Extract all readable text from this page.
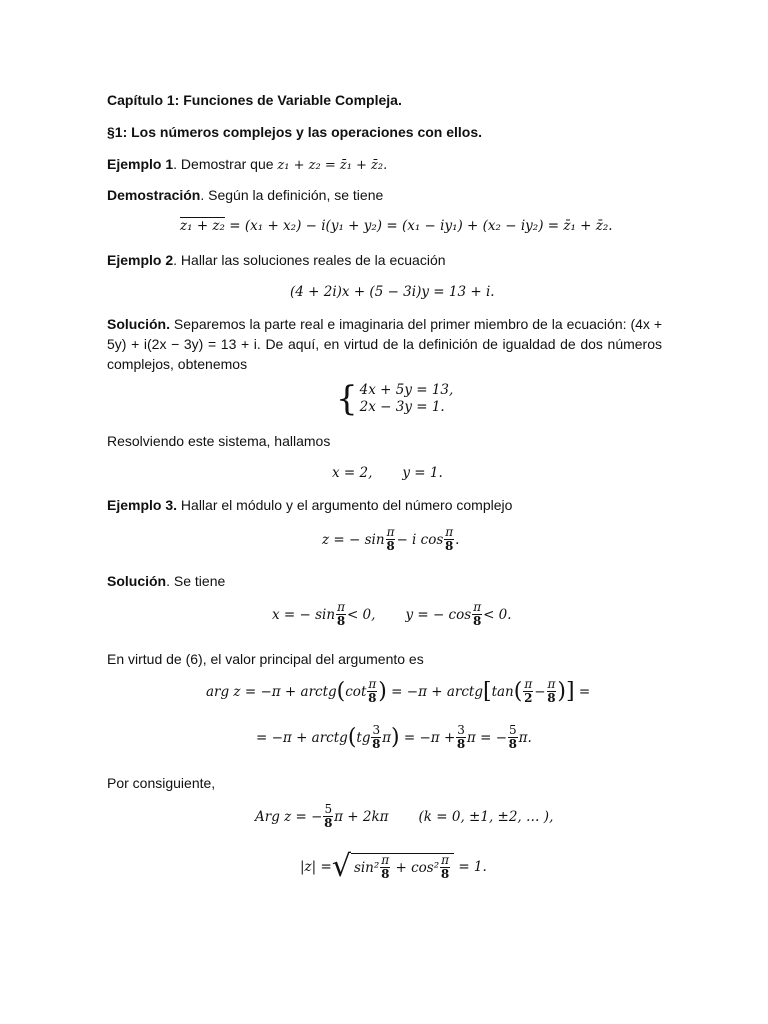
Capítulo 1: Funciones de Variable Compleja.
§1: Los números complejos y las operaciones con ellos.
Ejemplo 1. Demostrar que z₁ + z₂ = z̄₁ + z̄₂.
Demostración. Según la definición, se tiene
z₁ + z₂ = (x₁ + x₂) − i(y₁ + y₂) = (x₁ − iy₁) + (x₂ − iy₂) = z̄₁ + z̄₂.
Ejemplo 2. Hallar las soluciones reales de la ecuación
(4 + 2i)x + (5 − 3i)y = 13 + i.
Solución. Separemos la parte real e imaginaria del primer miembro de la ecuación: (4x + 5y) + i(2x − 3y) = 13 + i. De aquí, en virtud de la definición de igualdad de dos números complejos, obtenemos
{ 4x + 5y = 13,
2x − 3y = 1.
Resolviendo este sistema, hallamos
x = 2, y = 1.
Ejemplo 3. Hallar el módulo y el argumento del número complejo
z = − $\sin \frac{\pi}{8} - i$ $\cos \frac{\pi}{8}$ .
Solución. Se tiene
x = − $\sin \frac{\pi}{8} < 0$, y = − $\cos \frac{\pi}{8} < 0$.
En virtud de (6), el valor principal del argumento es
arg z = −π + arctg ( $\cot \frac{\pi}{8}$ )
= −π + arctg [ tan ( $\frac{\pi}{2} - \frac{\pi}{8}$ )]
=
= −π + arctg ( tg $\frac{3}{8}$ π )
= $-\pi + \frac{3}{8}$ π = − $\frac{5}{8} \pi$.
Por consiguiente,
Arg z = − $\frac{5}{8}$ π + 2kπ (k = 0, ±1, ±2, … ),
|z| = √ $\sin^2 \frac{\pi}{8} + \cos^2 \frac{\pi}{8}$
= 1.
